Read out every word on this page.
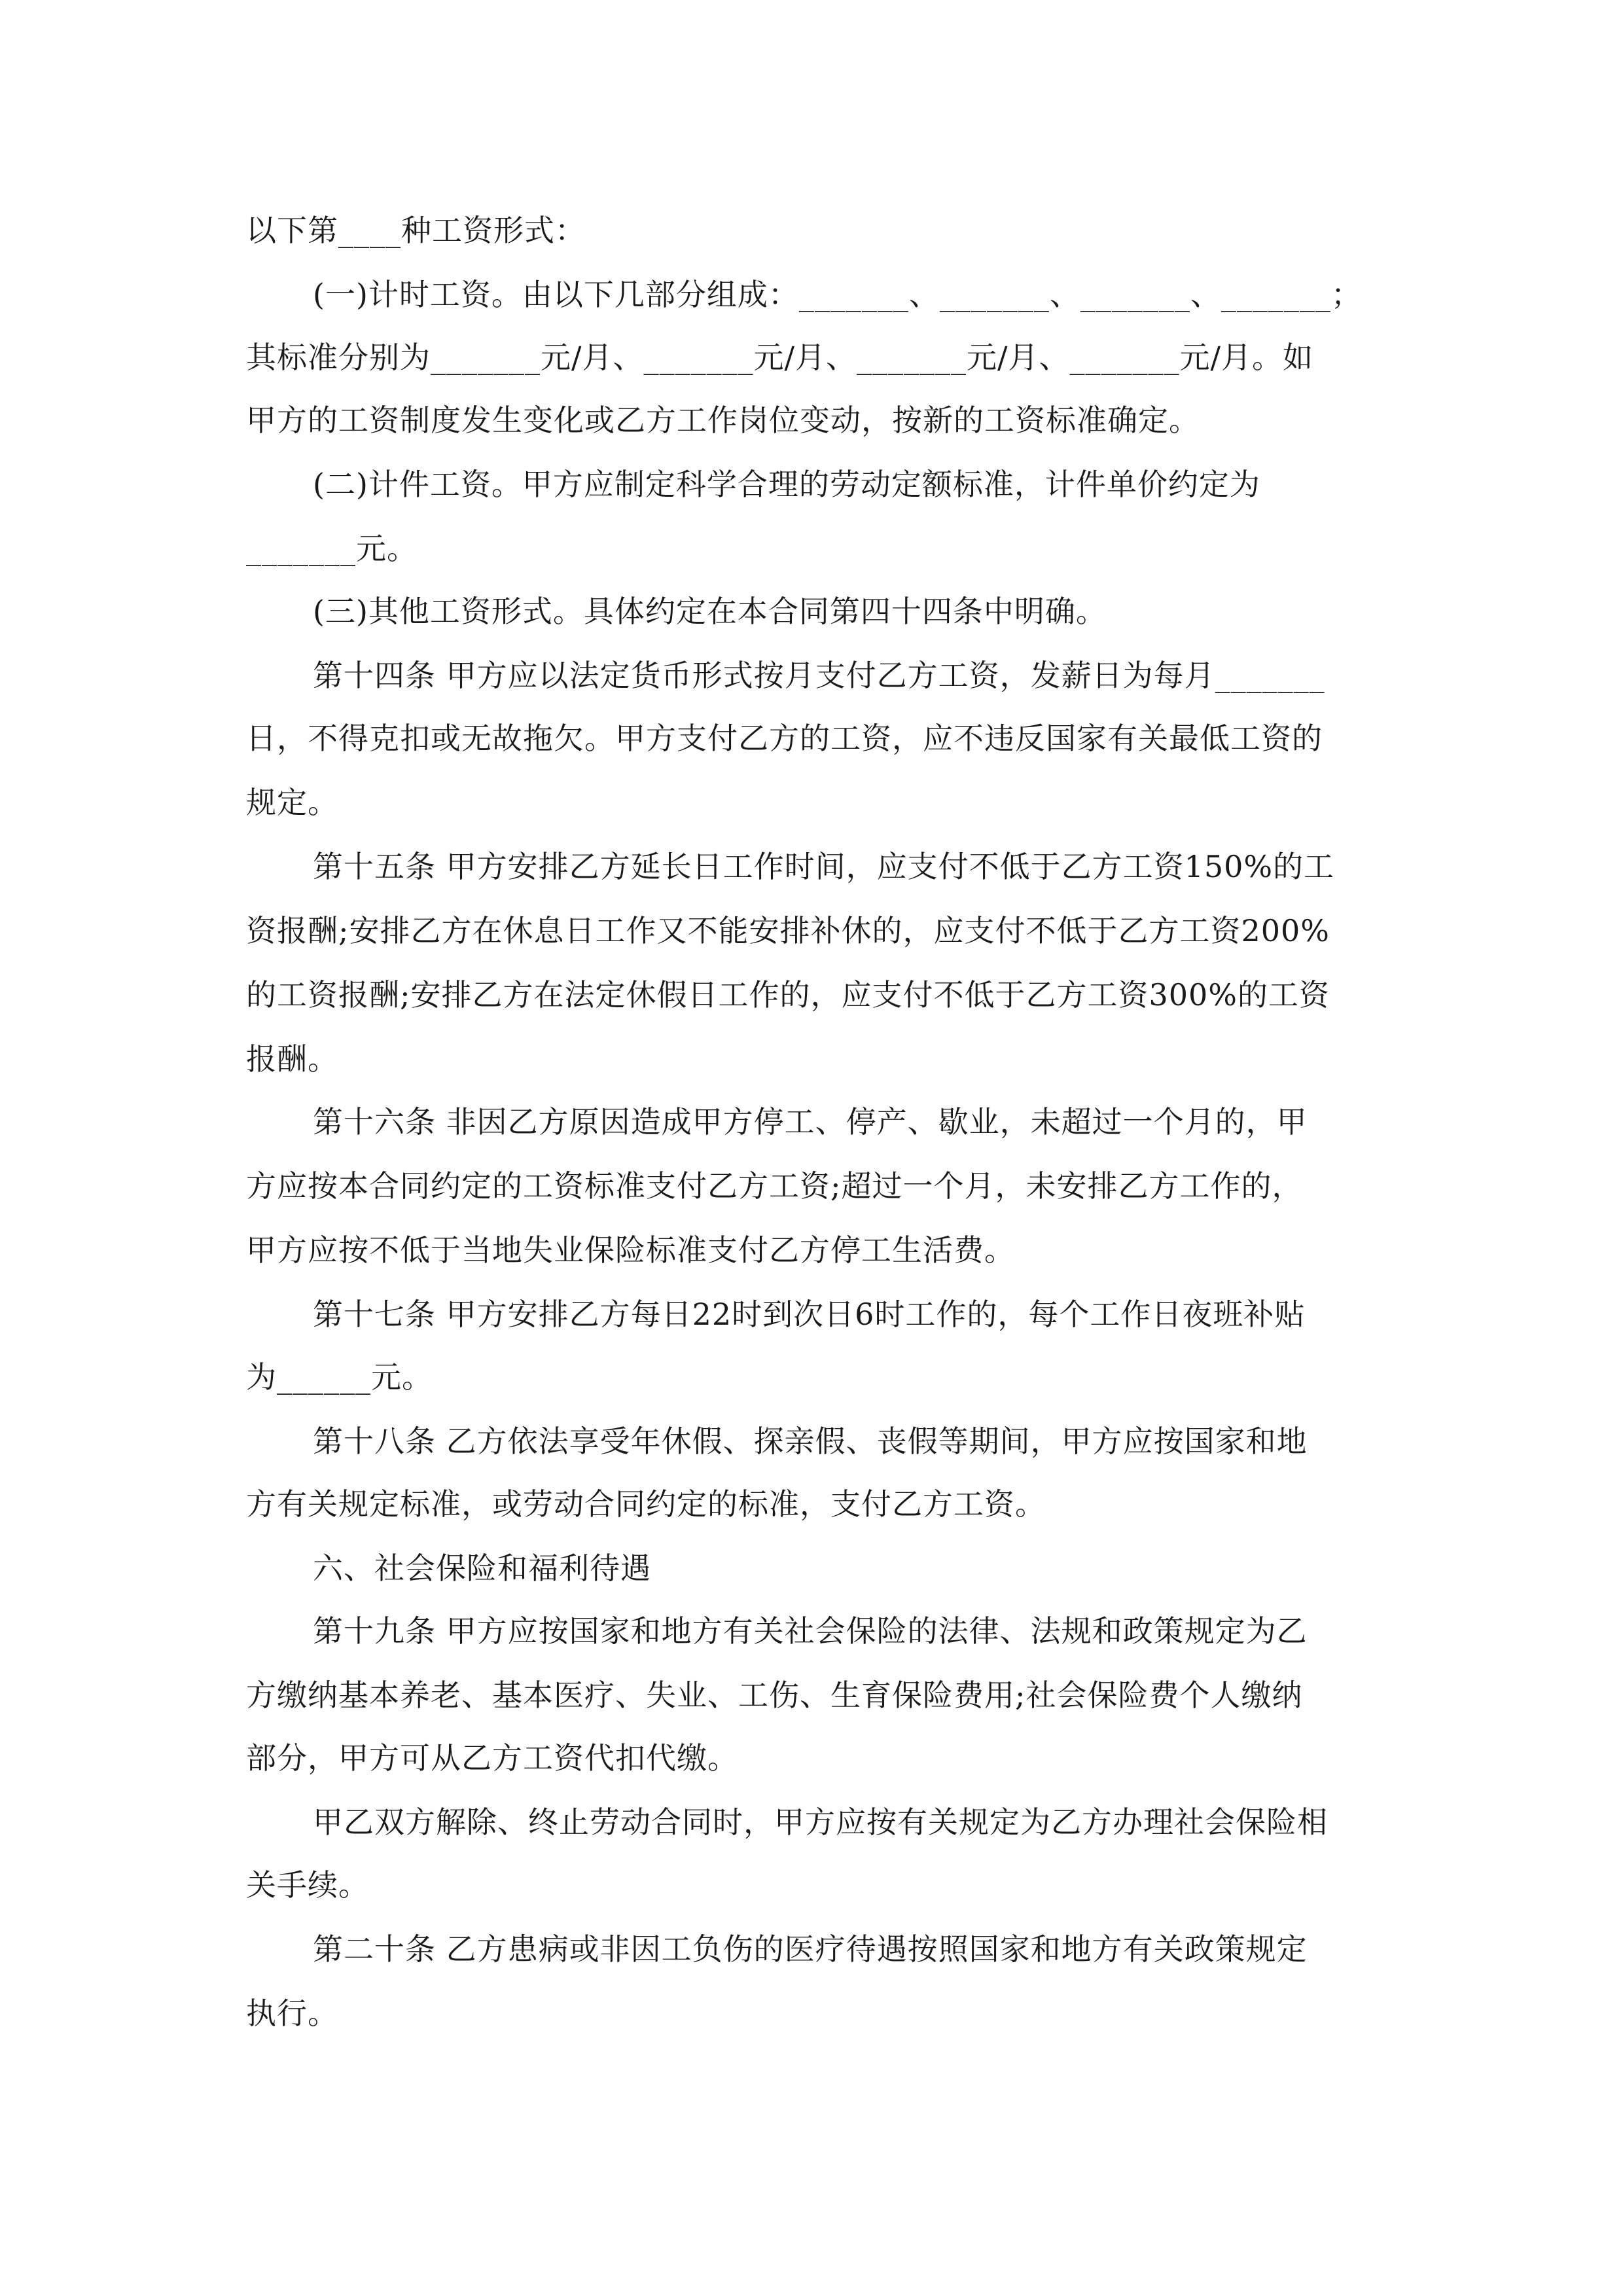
以下第____种工资形式：
(一)计时工资。由以下几部分组成：_______、_______、_______、_______；
其标准分别为_______元/月、_______元/月、_______元/月、_______元/月。如
甲方的工资制度发生变化或乙方工作岗位变动，按新的工资标准确定。
(二)计件工资。甲方应制定科学合理的劳动定额标准，计件单价约定为
_______元。
(三)其他工资形式。具体约定在本合同第四十四条中明确。
第十四条 甲方应以法定货币形式按月支付乙方工资，发薪日为每月_______
日，不得克扣或无故拖欠。甲方支付乙方的工资，应不违反国家有关最低工资的
规定。
第十五条 甲方安排乙方延长日工作时间，应支付不低于乙方工资150%的工
资报酬;安排乙方在休息日工作又不能安排补休的，应支付不低于乙方工资200%
的工资报酬;安排乙方在法定休假日工作的，应支付不低于乙方工资300%的工资
报酬。
第十六条 非因乙方原因造成甲方停工、停产、歇业，未超过一个月的，甲
方应按本合同约定的工资标准支付乙方工资;超过一个月，未安排乙方工作的，
甲方应按不低于当地失业保险标准支付乙方停工生活费。
第十七条 甲方安排乙方每日22时到次日6时工作的，每个工作日夜班补贴
为______元。
第十八条 乙方依法享受年休假、探亲假、丧假等期间，甲方应按国家和地
方有关规定标准，或劳动合同约定的标准，支付乙方工资。
六、社会保险和福利待遇
第十九条 甲方应按国家和地方有关社会保险的法律、法规和政策规定为乙
方缴纳基本养老、基本医疗、失业、工伤、生育保险费用;社会保险费个人缴纳
部分，甲方可从乙方工资代扣代缴。
甲乙双方解除、终止劳动合同时，甲方应按有关规定为乙方办理社会保险相
关手续。
第二十条 乙方患病或非因工负伤的医疗待遇按照国家和地方有关政策规定
执行。
